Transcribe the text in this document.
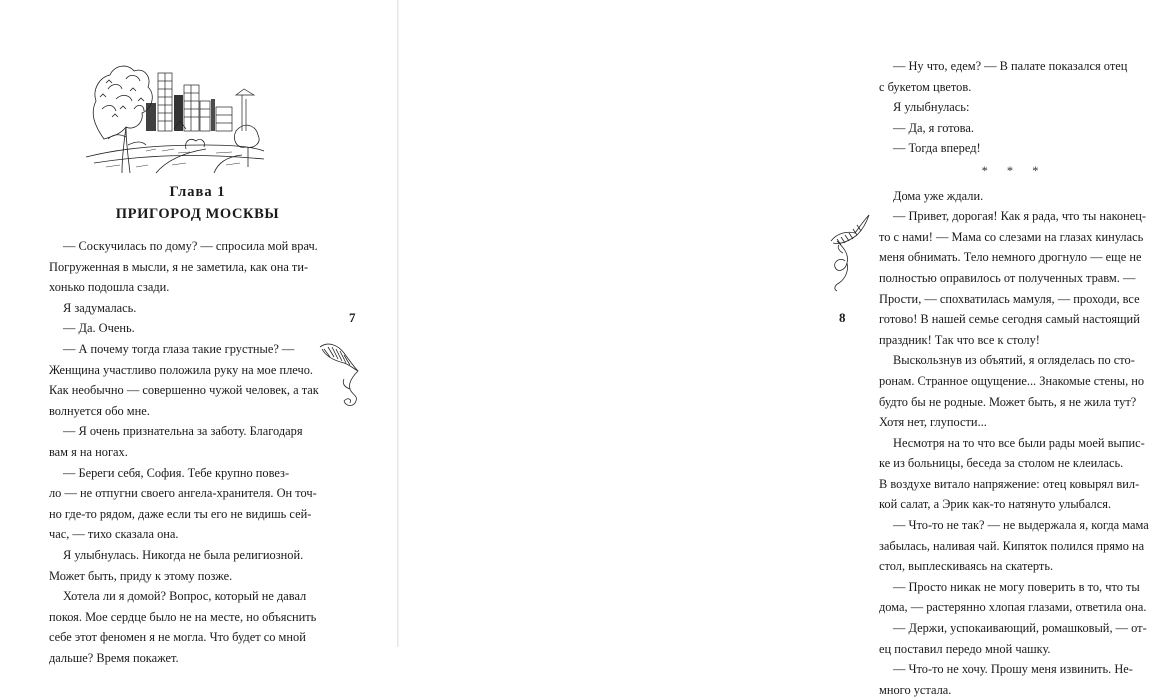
Глава 1
ПРИГОРОД МОСКВЫ

— Соскучилась по дому? — спросила мой врач.

Погруженная в мысли, я не заметила, как она ти-

хонько подошла сзади.

Я задумалась.

— Да. Очень.

— А почему тогда глаза такие грустные? —

Женщина участливо положила руку на мое плечо.

Как необычно — совершенно чужой человек, а так

волнуется обо мне.

— Я очень признательна за заботу. Благодаря

вам я на ногах.

— Береги себя, София. Тебе крупно повез-

ло — не отпугни своего ангела-хранителя. Он точ-

но где-то рядом, даже если ты его не видишь сей-

час, — тихо сказала она.

Я улыбнулась. Никогда не была религиозной.

Может быть, приду к этому позже.

Хотела ли я домой? Вопрос, который не давал

покоя. Мое сердце было не на месте, но объяснить

себе этот феномен я не могла. Что будет со мной

дальше? Время покажет.

7	8

— Ну что, едем? — В палате показался отец

с букетом цветов.

Я улыбнулась:

— Да, я готова.

— Тогда вперед!

* * *

Дома уже ждали.

— Привет, дорогая! Как я рада, что ты наконец-

то с нами! — Мама со слезами на глазах кинулась

меня обнимать. Тело немного дрогнуло — еще не

полностью оправилось от полученных травм. —

Прости, — спохватилась мамуля, — проходи, все

готово! В нашей семье сегодня самый настоящий

праздник! Так что все к столу!

Выскользнув из объятий, я огляделась по сто-

ронам. Странное ощущение... Знакомые стены, но

будто бы не родные. Может быть, я не жила тут?

Хотя нет, глупости...

Несмотря на то что все были рады моей выпис-

ке из больницы, беседа за столом не клеилась.

В воздухе витало напряжение: отец ковырял вил-

кой салат, а Эрик как-то натянуто улыбался.

— Что-то не так? — не выдержала я, когда мама

забылась, наливая чай. Кипяток полился прямо на

стол, выплескиваясь на скатерть.

— Просто никак не могу поверить в то, что ты

дома, — растерянно хлопая глазами, ответила она.

— Держи, успокаивающий, ромашковый, — от-

ец поставил передо мной чашку.

— Что-то не хочу. Прошу меня извинить. Не-

много устала.
